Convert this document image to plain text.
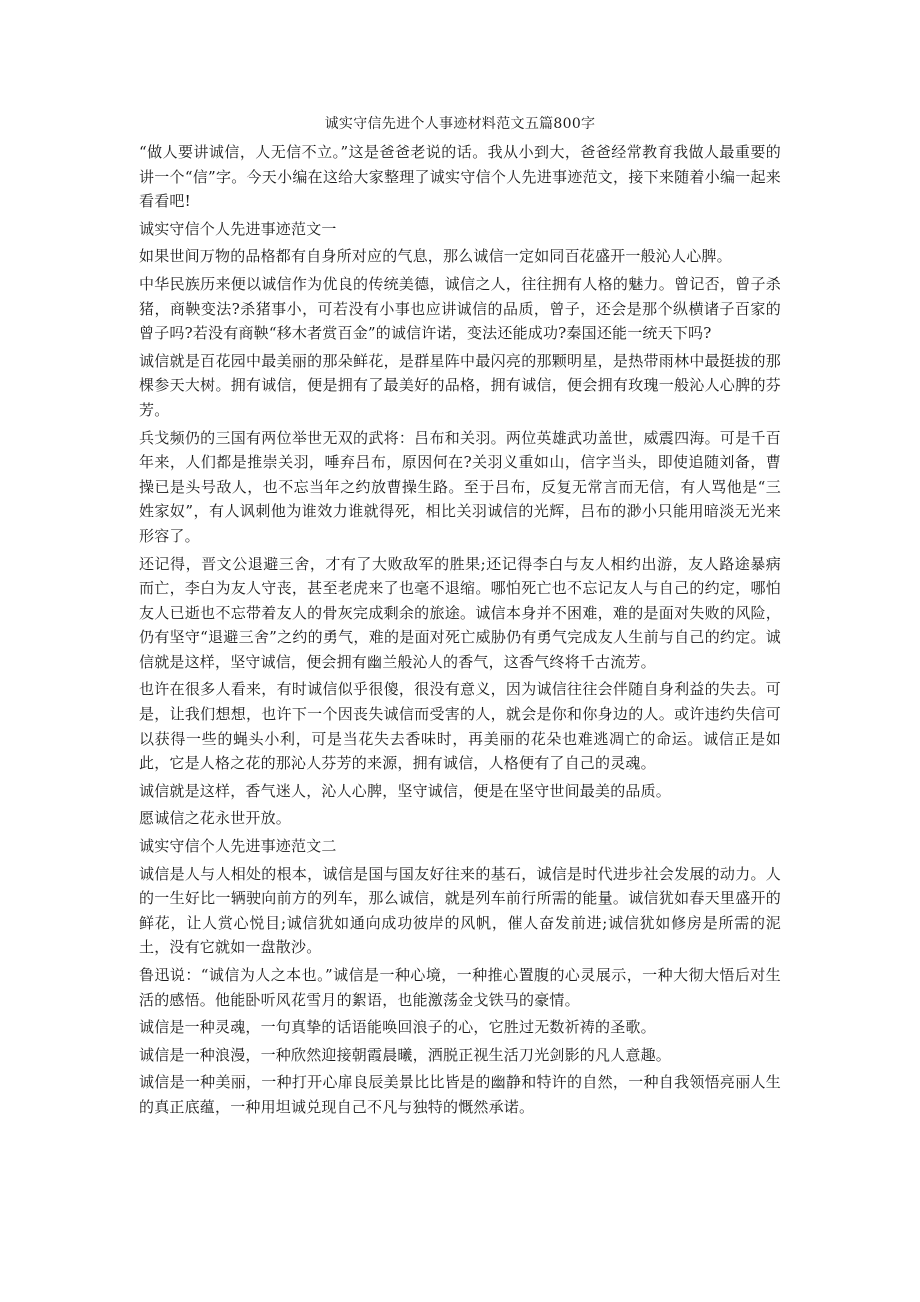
诚实守信先进个人事迹材料范文五篇800字

“做人要讲诚信，人无信不立。”这是爸爸老说的话。我从小到大，爸爸经常教育我做人最重要的讲一个“信”字。今天小编在这给大家整理了诚实守信个人先进事迹范文，接下来随着小编一起来看看吧!

诚实守信个人先进事迹范文一

如果世间万物的品格都有自身所对应的气息，那么诚信一定如同百花盛开一般沁人心脾。

中华民族历来便以诚信作为优良的传统美德，诚信之人，往往拥有人格的魅力。曾记否，曾子杀猪，商鞅变法?杀猪事小，可若没有小事也应讲诚信的品质，曾子，还会是那个纵横诸子百家的曾子吗?若没有商鞅“移木者赏百金”的诚信许诺，变法还能成功?秦国还能一统天下吗?

诚信就是百花园中最美丽的那朵鲜花，是群星阵中最闪亮的那颗明星，是热带雨林中最挺拔的那棵参天大树。拥有诚信，便是拥有了最美好的品格，拥有诚信，便会拥有玫瑰一般沁人心脾的芬芳。

兵戈频仍的三国有两位举世无双的武将：吕布和关羽。两位英雄武功盖世，威震四海。可是千百年来，人们都是推崇关羽，唾弃吕布，原因何在?关羽义重如山，信字当头，即使追随刘备，曹操已是头号敌人，也不忘当年之约放曹操生路。至于吕布，反复无常言而无信，有人骂他是“三姓家奴”，有人讽刺他为谁效力谁就得死，相比关羽诚信的光辉，吕布的渺小只能用暗淡无光来形容了。

还记得，晋文公退避三舍，才有了大败敌军的胜果;还记得李白与友人相约出游，友人路途暴病而亡，李白为友人守丧，甚至老虎来了也毫不退缩。哪怕死亡也不忘记友人与自己的约定，哪怕友人已逝也不忘带着友人的骨灰完成剩余的旅途。诚信本身并不困难，难的是面对失败的风险，仍有坚守“退避三舍”之约的勇气，难的是面对死亡威胁仍有勇气完成友人生前与自己的约定。诚信就是这样，坚守诚信，便会拥有幽兰般沁人的香气，这香气终将千古流芳。

也许在很多人看来，有时诚信似乎很傻，很没有意义，因为诚信往往会伴随自身利益的失去。可是，让我们想想，也许下一个因丧失诚信而受害的人，就会是你和你身边的人。或许违约失信可以获得一些的蝇头小利，可是当花失去香味时，再美丽的花朵也难逃凋亡的命运。诚信正是如此，它是人格之花的那沁人芬芳的来源，拥有诚信，人格便有了自己的灵魂。

诚信就是这样，香气迷人，沁人心脾，坚守诚信，便是在坚守世间最美的品质。

愿诚信之花永世开放。

诚实守信个人先进事迹范文二

诚信是人与人相处的根本，诚信是国与国友好往来的基石，诚信是时代进步社会发展的动力。人的一生好比一辆驶向前方的列车，那么诚信，就是列车前行所需的能量。诚信犹如春天里盛开的鲜花，让人赏心悦目;诚信犹如通向成功彼岸的风帆，催人奋发前进;诚信犹如修房是所需的泥土，没有它就如一盘散沙。

鲁迅说：“诚信为人之本也。”诚信是一种心境，一种推心置腹的心灵展示，一种大彻大悟后对生活的感悟。他能卧听风花雪月的絮语，也能激荡金戈铁马的豪情。

诚信是一种灵魂，一句真挚的话语能唤回浪子的心，它胜过无数祈祷的圣歌。

诚信是一种浪漫，一种欣然迎接朝霞晨曦，洒脱正视生活刀光剑影的凡人意趣。

诚信是一种美丽，一种打开心扉良辰美景比比皆是的幽静和特许的自然，一种自我领悟亮丽人生的真正底蕴，一种用坦诚兑现自己不凡与独特的慨然承诺。
